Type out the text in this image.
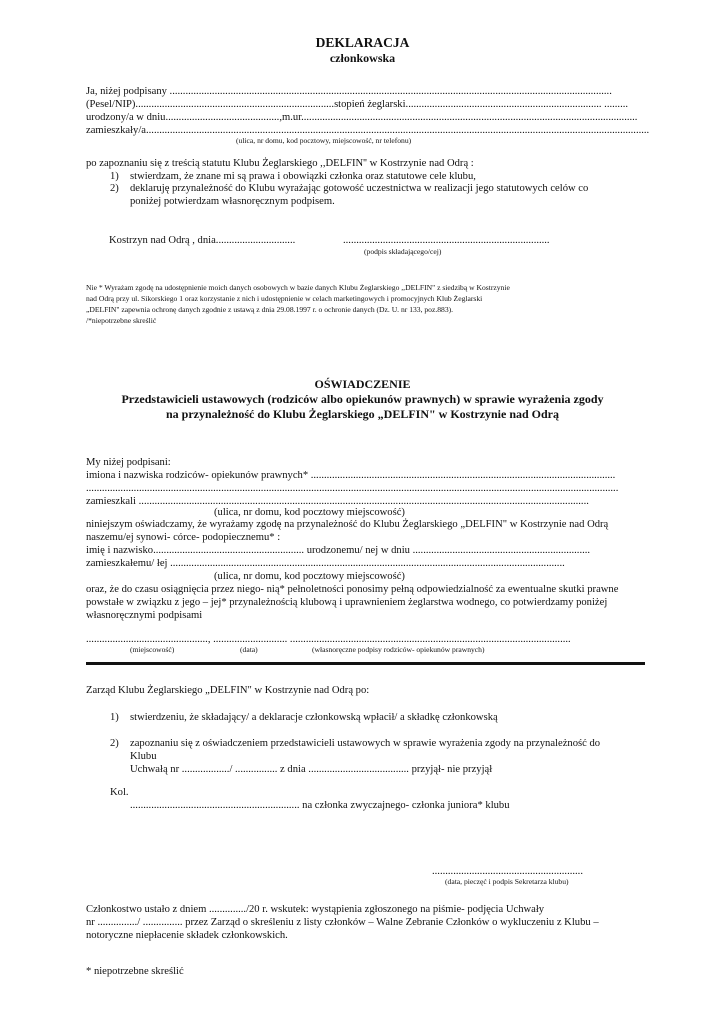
DEKLARACJA
członkowska
Ja, niżej podpisany .......................................................................................................................................................................
(Pesel/NIP)...........................................................................stopień żeglarski.......................................................................... .........
urodzony/a w dniu...........................................,m.ur...............................................................................................................................
zamieszkały/a..............................................................................................................................................................................................
(ulica, nr domu, kod pocztowy, miejscowość, nr telefonu)
po zapoznaniu się z treścią statutu Klubu Żeglarskiego ,,DELFIN'' w Kostrzynie nad Odrą :
1) stwierdzam, że znane mi są prawa i obowiązki członka oraz statutowe cele klubu,
2) deklaruję przynależność do Klubu wyrażając gotowość uczestnictwa w realizacji jego statutowych celów co
poniżej potwierdzam własnoręcznym podpisem.
Kostrzyn nad Odrą , dnia..............................	..............................................................................
(podpis składającego/cej)
Nie * Wyrażam zgodę na udostępnienie moich danych osobowych w bazie danych Klubu Żeglarskiego ,,DELFIN" z siedzibą w Kostrzynie
nad Odrą przy ul. Sikorskiego 1 oraz korzystanie z nich i udostępnienie w celach marketingowych i promocyjnych Klub Żeglarski
„DELFIN" zapewnia ochronę danych zgodnie z ustawą z dnia 29.08.1997 r. o ochronie danych (Dz. U. nr 133, poz.883).
/*niepotrzebne skreślić
OŚWIADCZENIE
Przedstawicieli ustawowych (rodziców albo opiekunów prawnych) w sprawie wyrażenia zgody
na przynależność do Klubu Żeglarskiego „DELFIN" w Kostrzynie nad Odrą
My niżej podpisani:
imiona i nazwiska rodziców- opiekunów prawnych* ...................................................................................................................
.........................................................................................................................................................................................................
zamieszkali ..........................................................................................................................................................................
(ulica, nr domu, kod pocztowy miejscowość)
niniejszym oświadczamy, że wyrażamy zgodę na przynależność do Klubu Żeglarskiego „DELFIN" w Kostrzynie nad Odrą
naszemu/ej synowi- córce- podopiecznemu* :
imię i nazwisko......................................................... urodzonemu/ nej w dniu ...................................................................
zamieszkałemu/ łej .....................................................................................................................................................
(ulica, nr domu, kod pocztowy miejscowość)
oraz, że do czasu osiągnięcia przez niego- nią* pełnoletności ponosimy pełną odpowiedzialność za ewentualne skutki prawne
powstałe w związku z jego – jej* przynależnością klubową i uprawnieniem żeglarstwa wodnego, co potwierdzamy poniżej
własnoręcznymi podpisami
.............................................., ............................ ..........................................................................................................
(miejscowość)	(data)	(własnoręczne podpisy rodziców- opiekunów prawnych)
Zarząd Klubu Żeglarskiego „DELFIN" w Kostrzynie nad Odrą po:
1) stwierdzeniu, że składający/ a deklaracje członkowską wpłacił/ a składkę członkowską
2) zapoznaniu się z oświadczeniem przedstawicieli ustawowych w sprawie wyrażenia zgody na przynależność do
Klubu
Uchwałą nr ................../ ................ z dnia ...................................... przyjął- nie przyjął
Kol.
................................................................ na członka zwyczajnego- członka juniora* klubu
.........................................................
(data, pieczęć i podpis Sekretarza klubu)
Członkostwo ustało z dniem ............../20 r. wskutek: wystąpienia zgłoszonego na piśmie- podjęcia Uchwały
nr .............../ ............... przez Zarząd o skreśleniu z listy członków – Walne Zebranie Członków o wykluczeniu z Klubu –
notoryczne niepłacenie składek członkowskich.
* niepotrzebne skreślić
